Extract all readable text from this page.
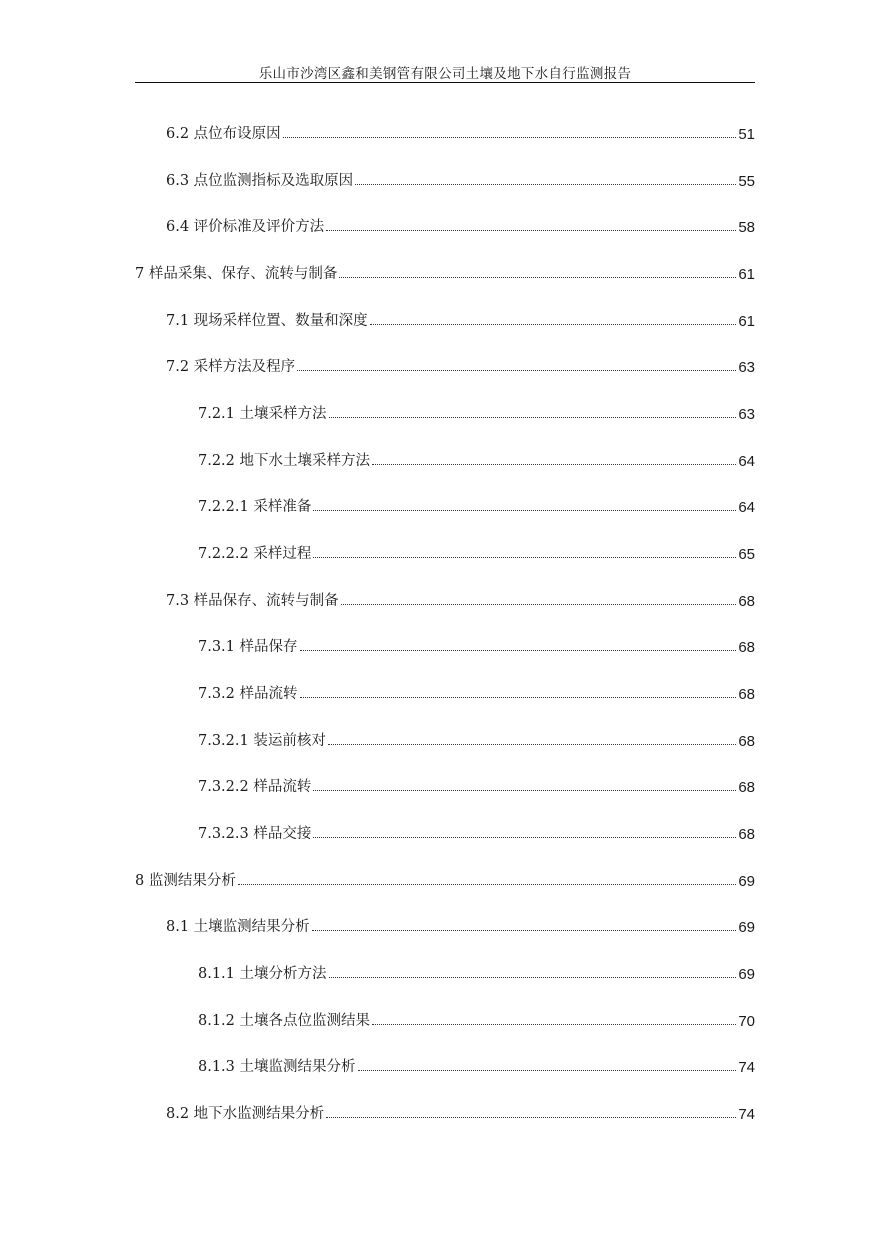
乐山市沙湾区鑫和美钢管有限公司土壤及地下水自行监测报告
6.2 点位布设原因	51
6.3 点位监测指标及选取原因	55
6.4 评价标准及评价方法	58
7 样品采集、保存、流转与制备	61
7.1 现场采样位置、数量和深度	61
7.2 采样方法及程序	63
7.2.1 土壤采样方法	63
7.2.2 地下水土壤采样方法	64
7.2.2.1 采样准备	64
7.2.2.2 采样过程	65
7.3 样品保存、流转与制备	68
7.3.1 样品保存	68
7.3.2 样品流转	68
7.3.2.1 装运前核对	68
7.3.2.2 样品流转	68
7.3.2.3 样品交接	68
8 监测结果分析	69
8.1 土壤监测结果分析	69
8.1.1 土壤分析方法	69
8.1.2 土壤各点位监测结果	70
8.1.3 土壤监测结果分析	74
8.2 地下水监测结果分析	74
